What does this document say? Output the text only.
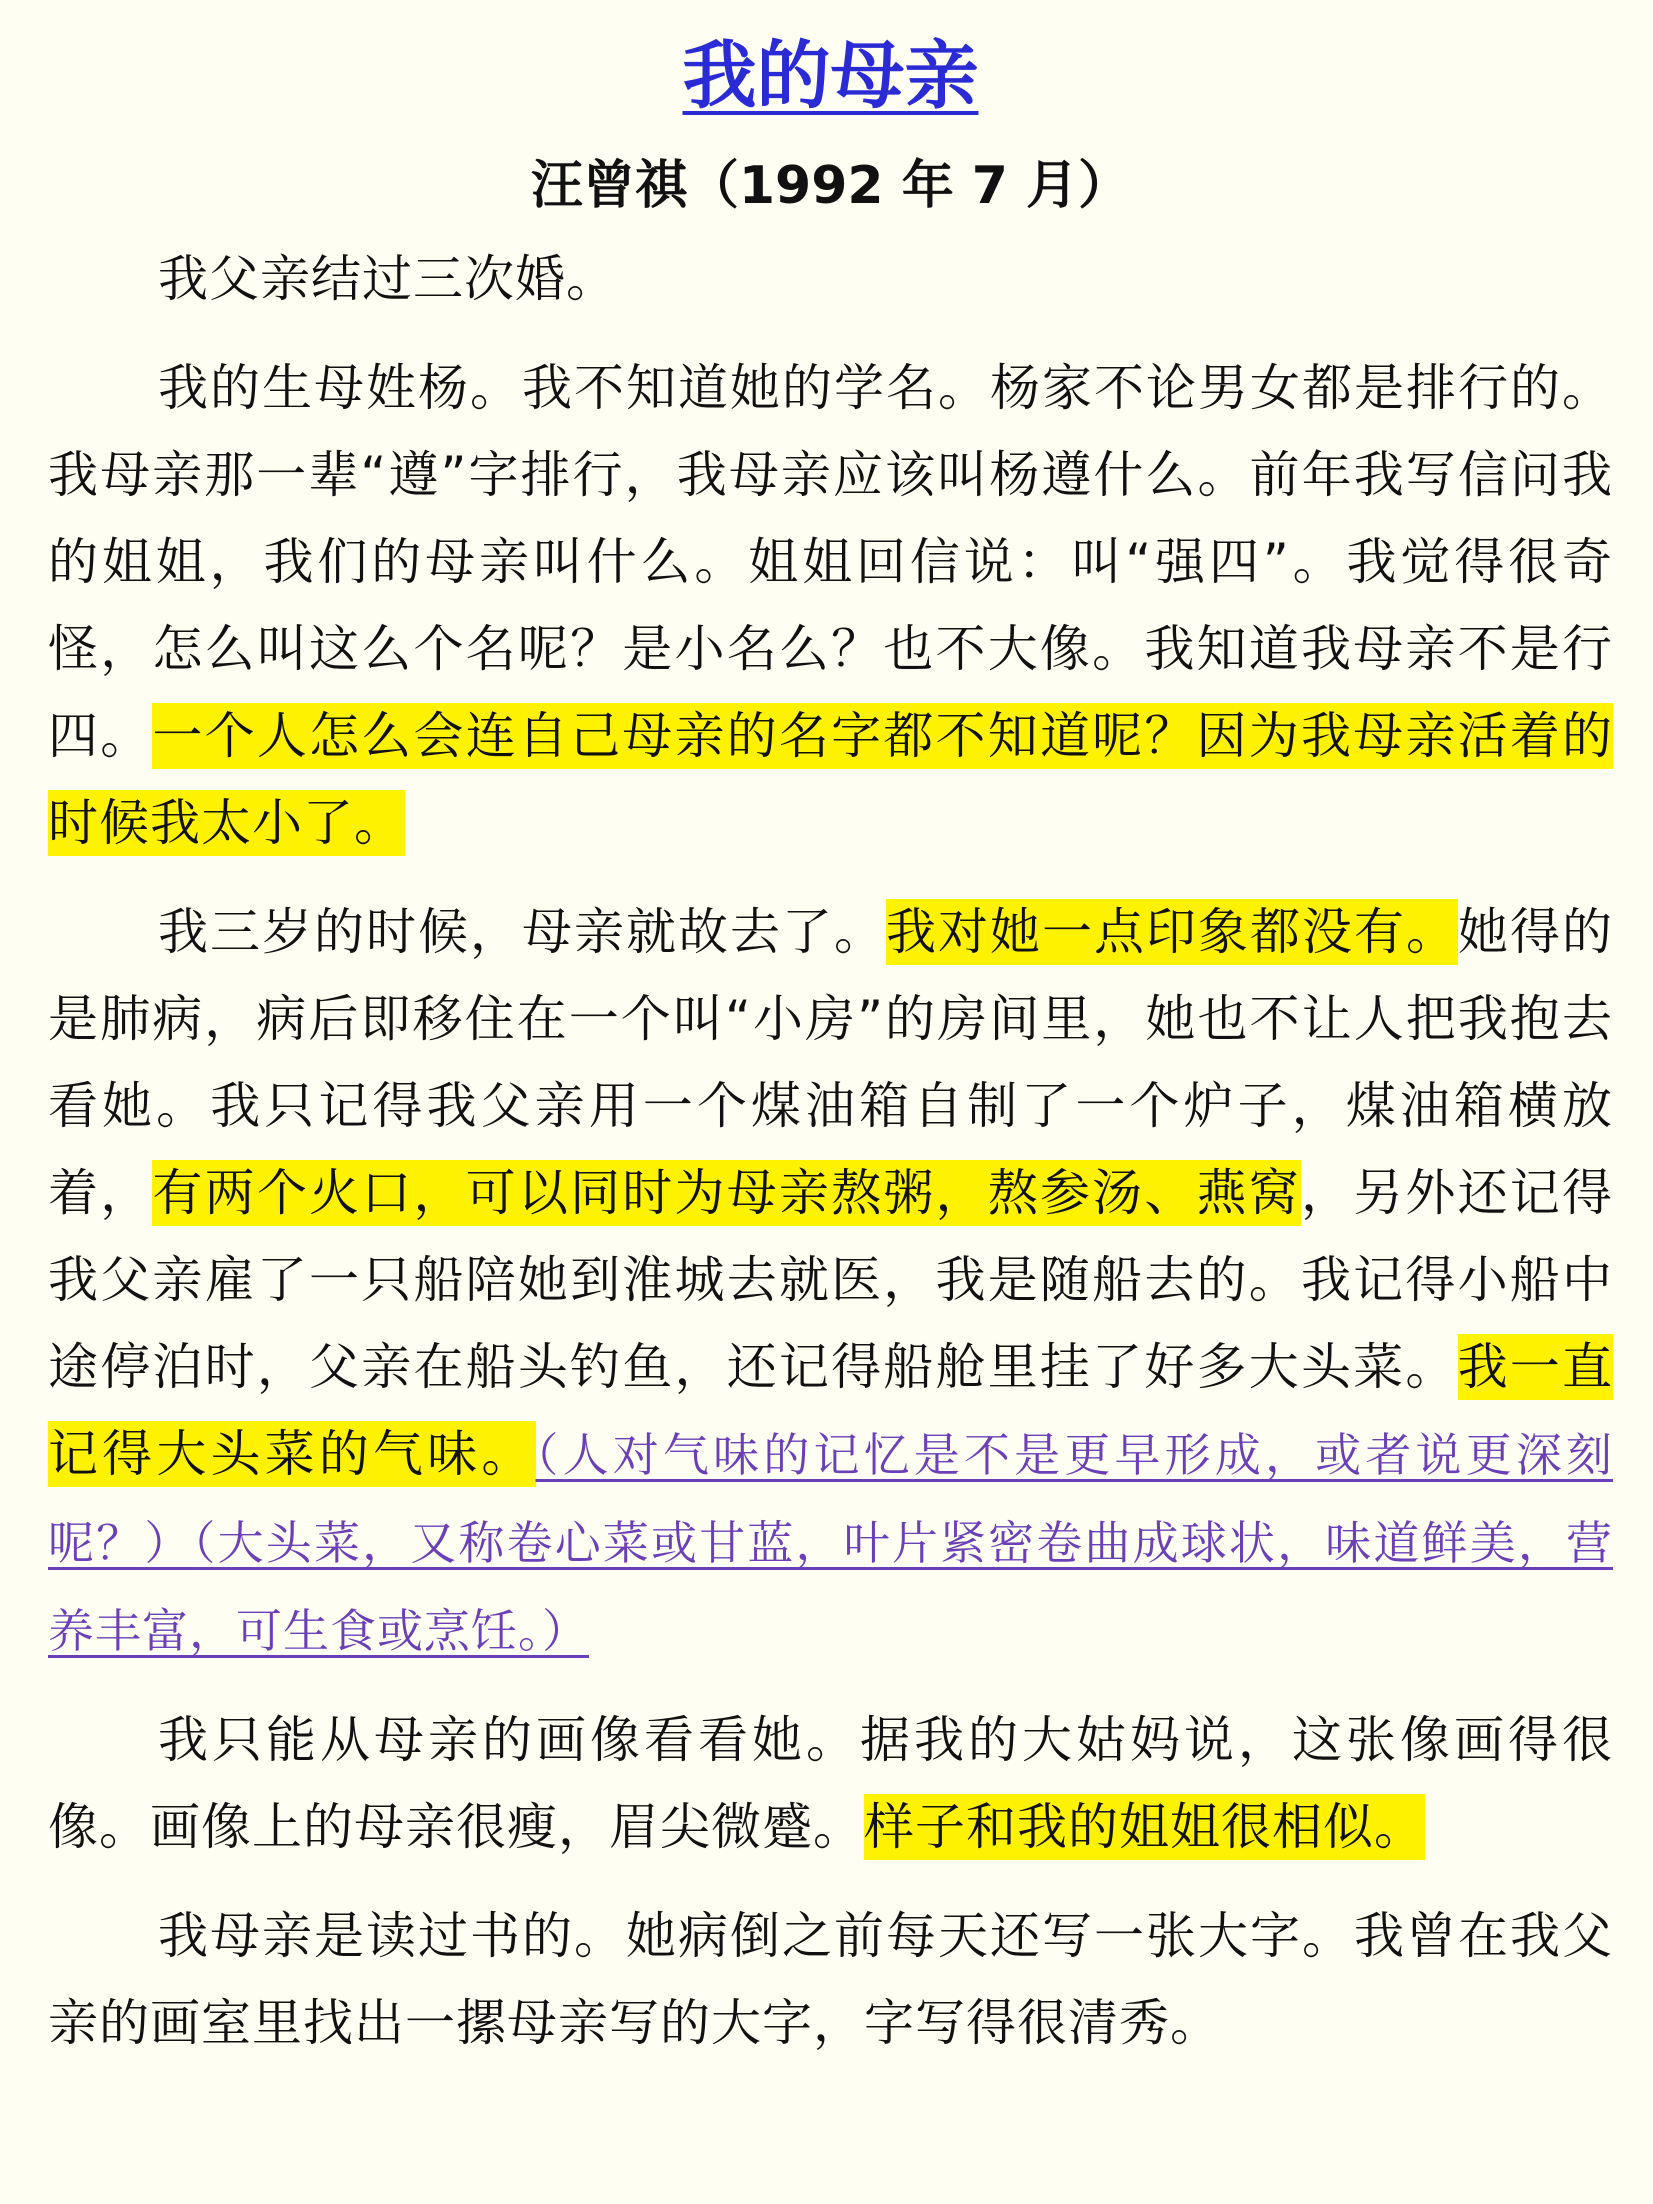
我的母亲
汪曾祺（1992 年 7 月）

我父亲结过三次婚。

我的生母姓杨。我不知道她的学名。杨家不论男女都是排行的。我母亲那一辈“遵”字排行，我母亲应该叫杨遵什么。前年我写信问我的姐姐，我们的母亲叫什么。姐姐回信说：叫“强四”。我觉得很奇怪，怎么叫这么个名呢？是小名么？也不大像。我知道我母亲不是行四。一个人怎么会连自己母亲的名字都不知道呢？因为我母亲活着的时候我太小了。

我三岁的时候，母亲就故去了。我对她一点印象都没有。她得的是肺病，病后即移住在一个叫“小房”的房间里，她也不让人把我抱去看她。我只记得我父亲用一个煤油箱自制了一个炉子，煤油箱横放着，有两个火口，可以同时为母亲熬粥，熬参汤、燕窝，另外还记得我父亲雇了一只船陪她到淮城去就医，我是随船去的。我记得小船中途停泊时，父亲在船头钓鱼，还记得船舱里挂了好多大头菜。我一直记得大头菜的气味。（人对气味的记忆是不是更早形成，或者说更深刻呢？）（大头菜，又称卷心菜或甘蓝，叶片紧密卷曲成球状，味道鲜美，营养丰富，可生食或烹饪。）

我只能从母亲的画像看看她。据我的大姑妈说，这张像画得很像。画像上的母亲很瘦，眉尖微蹙。样子和我的姐姐很相似。

我母亲是读过书的。她病倒之前每天还写一张大字。我曾在我父亲的画室里找出一摞母亲写的大字，字写得很清秀。
